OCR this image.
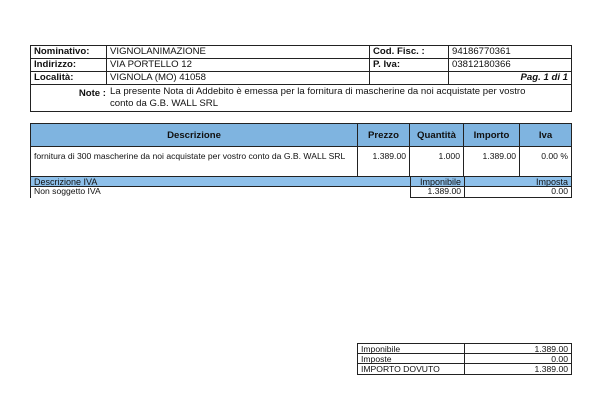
Nominativo:	VIGNOLANIMAZIONE	Cod. Fisc. :	94186770361
Indirizzo:	VIA PORTELLO 12	P. Iva:	03812180366
Località:	VIGNOLA (MO) 41058	Pag. 1 di 1
Note : La presente Nota di Addebito è emessa per la fornitura di mascherine da noi acquistate per vostro conto da G.B. WALL SRL
Descrizione	Prezzo	Quantità	Importo	Iva
fornitura di 300 mascherine da noi acquistate per vostro conto da G.B. WALL SRL	1.389.00	1.000	1.389.00	0.00 %
Descrizione IVA	Imponibile	Imposta
Non soggetto IVA	1.389.00	0.00
Imponibile	1.389.00
Imposte	0.00
IMPORTO DOVUTO	1.389.00
